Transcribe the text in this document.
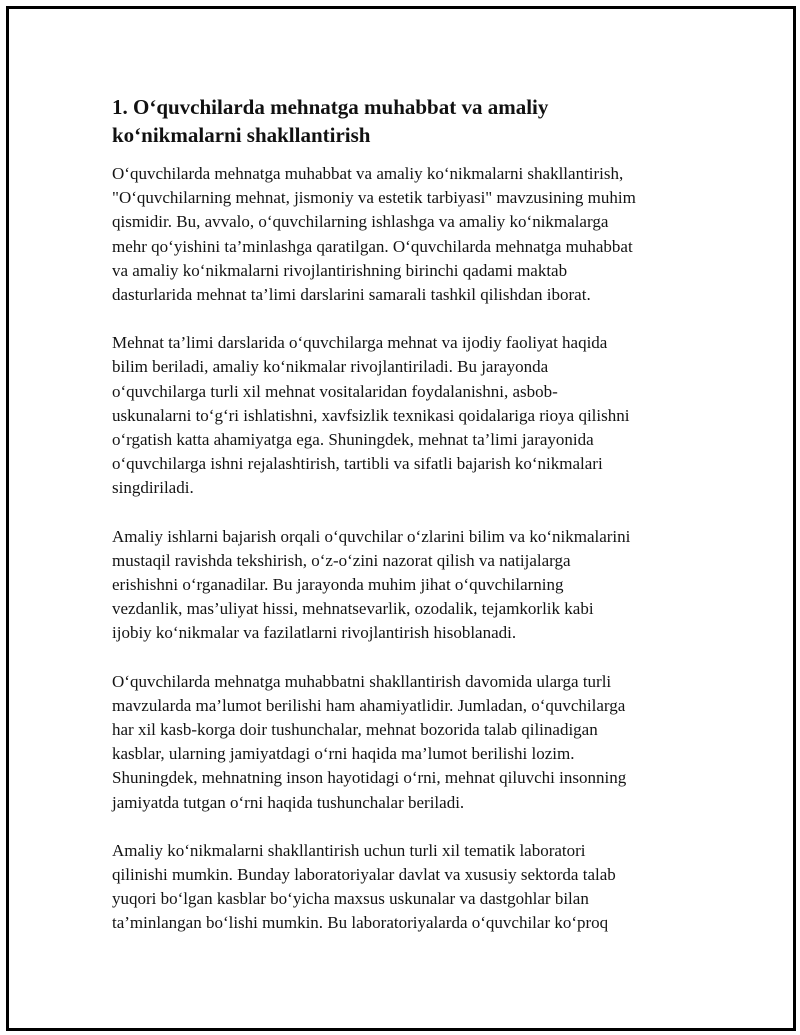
1. O‘quvchilarda mehnatga muhabbat va amaliy
ko‘nikmalarni shakllantirish

O‘quvchilarda mehnatga muhabbat va amaliy ko‘nikmalarni shakllantirish,
"O‘quvchilarning mehnat, jismoniy va estetik tarbiyasi" mavzusining muhim
qismidir. Bu, avvalo, o‘quvchilarning ishlashga va amaliy ko‘nikmalarga
mehr qo‘yishini ta’minlashga qaratilgan. O‘quvchilarda mehnatga muhabbat
va amaliy ko‘nikmalarni rivojlantirishning birinchi qadami maktab
dasturlarida mehnat ta’limi darslarini samarali tashkil qilishdan iborat.

Mehnat ta’limi darslarida o‘quvchilarga mehnat va ijodiy faoliyat haqida
bilim beriladi, amaliy ko‘nikmalar rivojlantiriladi. Bu jarayonda
o‘quvchilarga turli xil mehnat vositalaridan foydalanishni, asbob-
uskunalarni to‘g‘ri ishlatishni, xavfsizlik texnikasi qoidalariga rioya qilishni
o‘rgatish katta ahamiyatga ega. Shuningdek, mehnat ta’limi jarayonida
o‘quvchilarga ishni rejalashtirish, tartibli va sifatli bajarish ko‘nikmalari
singdiriladi.

Amaliy ishlarni bajarish orqali o‘quvchilar o‘zlarini bilim va ko‘nikmalarini
mustaqil ravishda tekshirish, o‘z-o‘zini nazorat qilish va natijalarga
erishishni o‘rganadilar. Bu jarayonda muhim jihat o‘quvchilarning
vezdanlik, mas’uliyat hissi, mehnatsevarlik, ozodalik, tejamkorlik kabi
ijobiy ko‘nikmalar va fazilatlarni rivojlantirish hisoblanadi.

O‘quvchilarda mehnatga muhabbatni shakllantirish davomida ularga turli
mavzularda ma’lumot berilishi ham ahamiyatlidir. Jumladan, o‘quvchilarga
har xil kasb-korga doir tushunchalar, mehnat bozorida talab qilinadigan
kasblar, ularning jamiyatdagi o‘rni haqida ma’lumot berilishi lozim.
Shuningdek, mehnatning inson hayotidagi o‘rni, mehnat qiluvchi insonning
jamiyatda tutgan o‘rni haqida tushunchalar beriladi.

Amaliy ko‘nikmalarni shakllantirish uchun turli xil tematik laboratori
qilinishi mumkin. Bunday laboratoriyalar davlat va xususiy sektorda talab
yuqori bo‘lgan kasblar bo‘yicha maxsus uskunalar va dastgohlar bilan
ta’minlangan bo‘lishi mumkin. Bu laboratoriyalarda o‘quvchilar ko‘proq
